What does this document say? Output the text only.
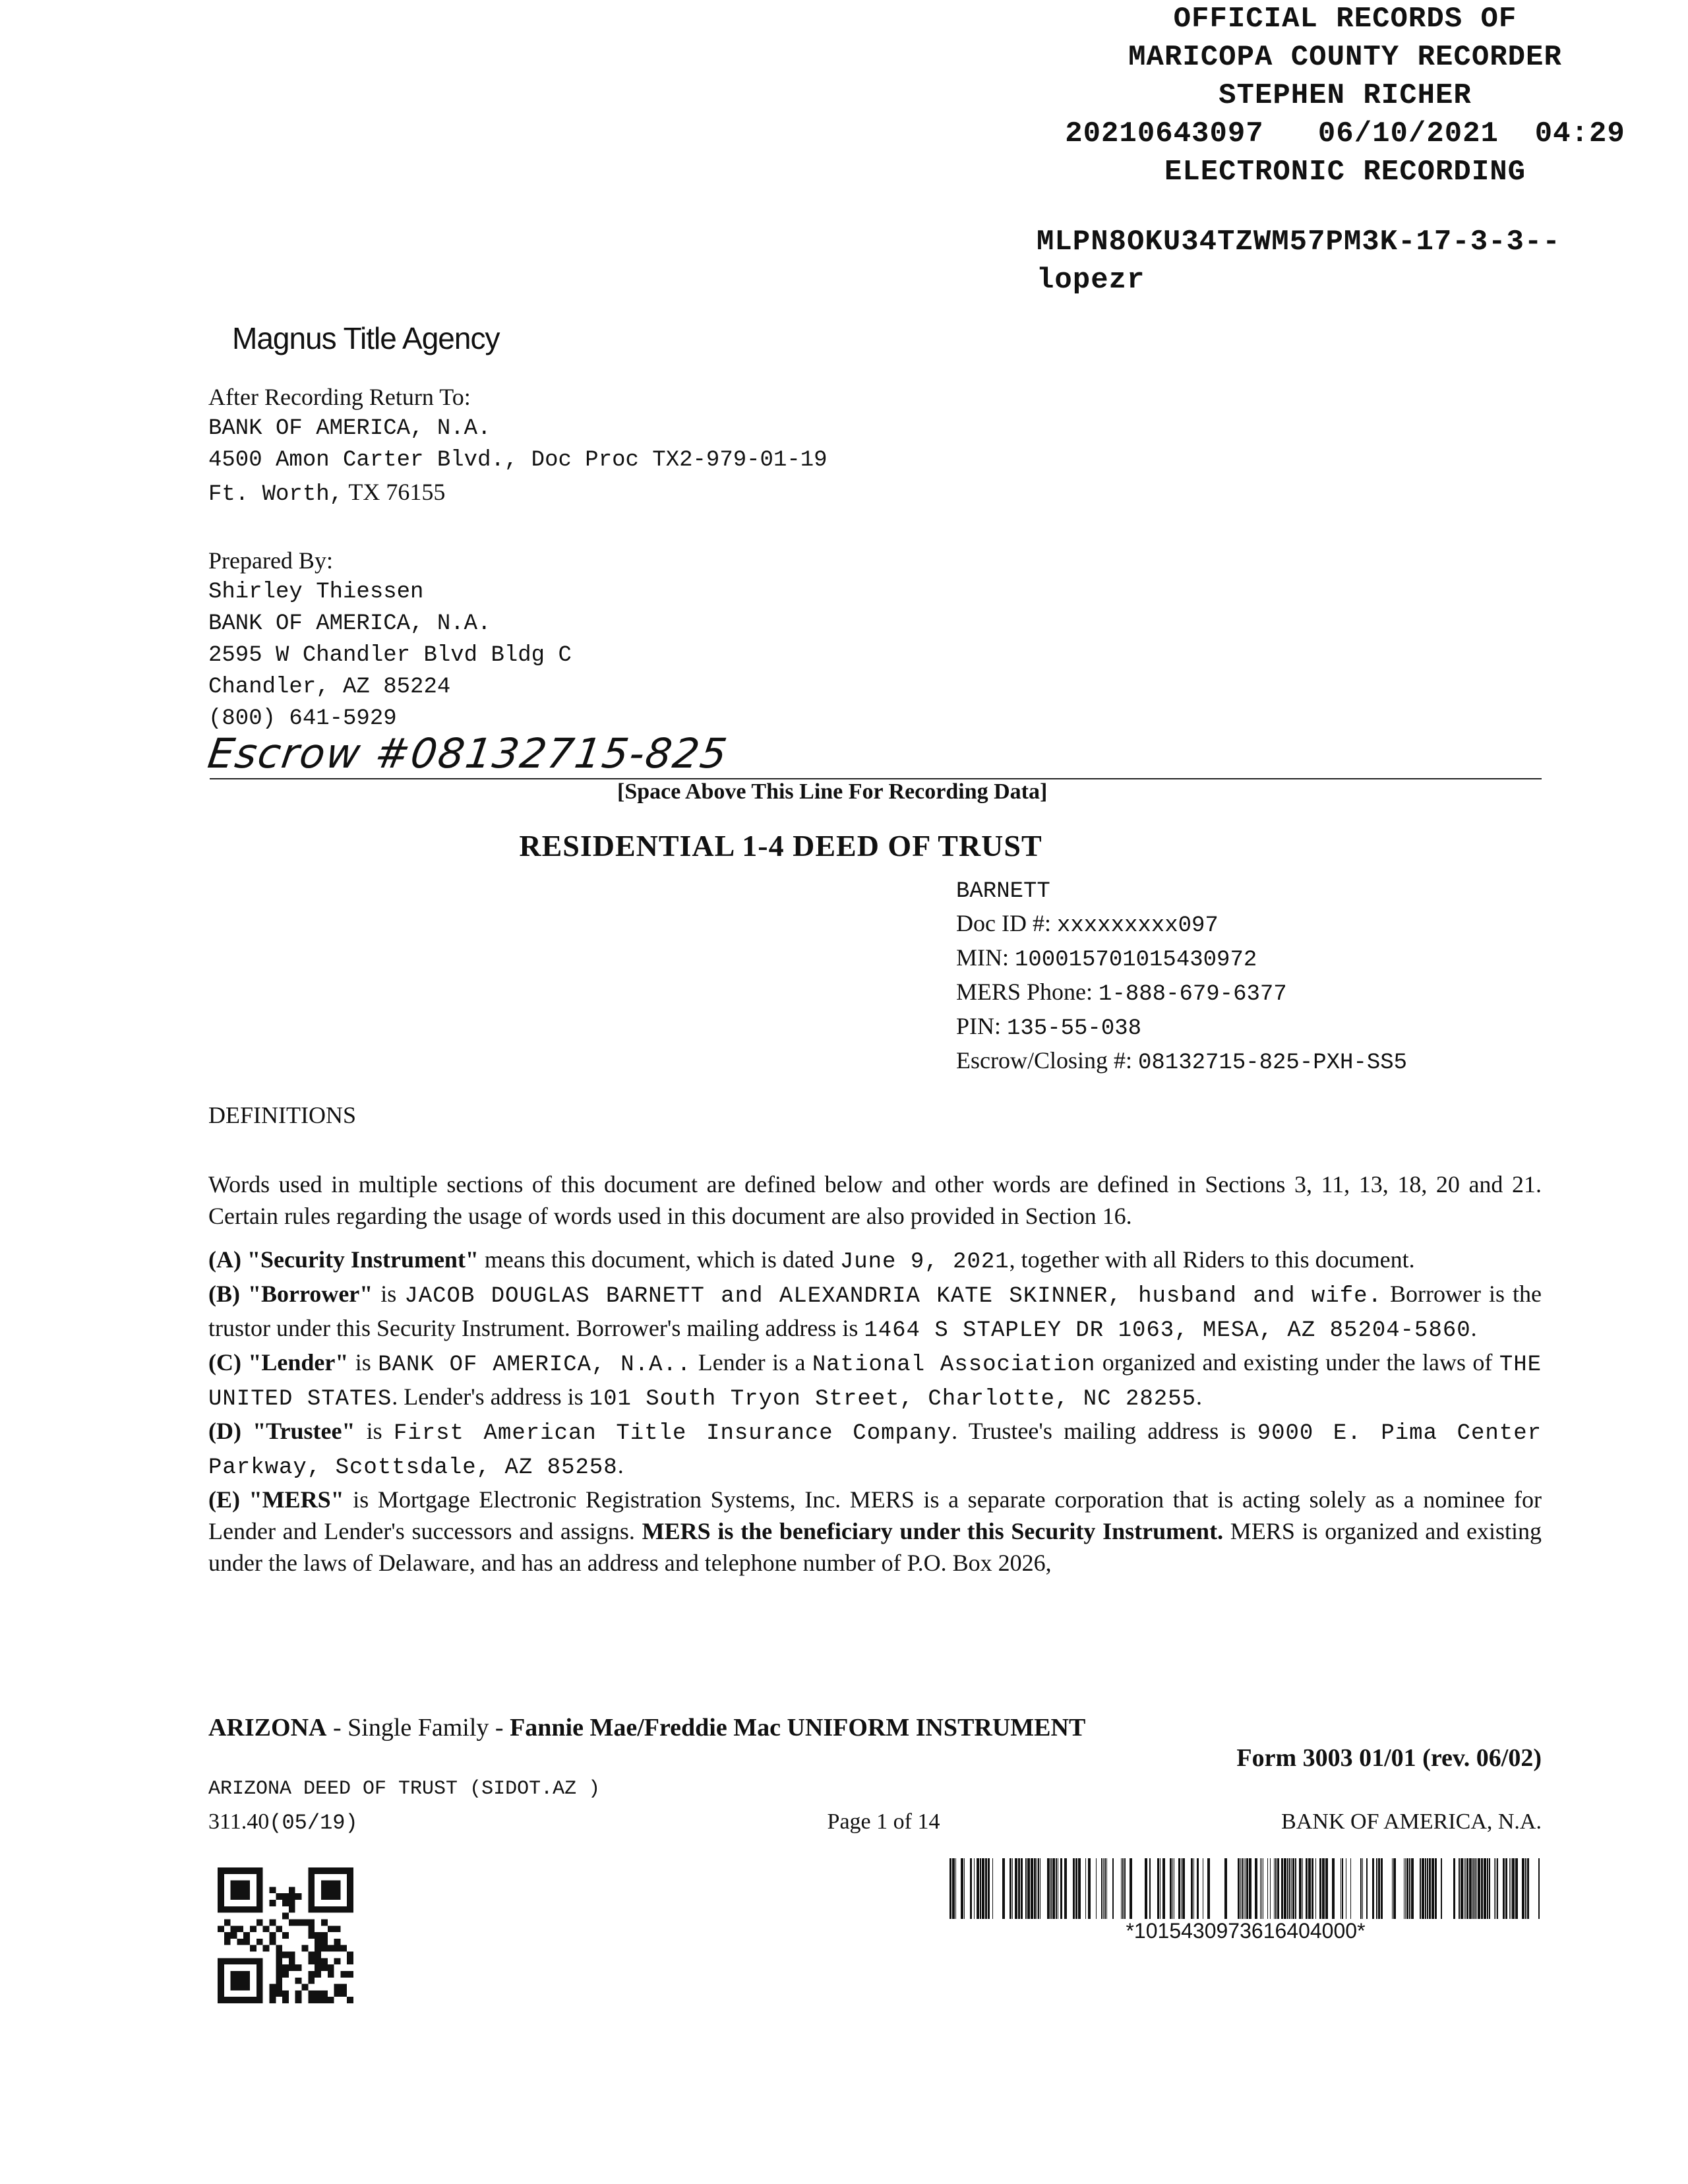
OFFICIAL RECORDS OF
MARICOPA COUNTY RECORDER
STEPHEN RICHER
20210643097 06/10/2021 04:29
ELECTRONIC RECORDING
MLPN8OKU34TZWM57PM3K-17-3-3--
lopezr
Magnus Title Agency
After Recording Return To:
BANK OF AMERICA, N.A.
4500 Amon Carter Blvd., Doc Proc TX2-979-01-19
Ft. Worth, TX 76155
Prepared By:
Shirley Thiessen
BANK OF AMERICA, N.A.
2595 W Chandler Blvd Bldg C
Chandler, AZ 85224
(800) 641-5929
Escrow #08132715-825
[Space Above This Line For Recording Data]
RESIDENTIAL 1-4 DEED OF TRUST
BARNETT
Doc ID #: xxxxxxxxx097
MIN: 100015701015430972
MERS Phone: 1-888-679-6377
PIN: 135-55-038
Escrow/Closing #: 08132715-825-PXH-SS5
DEFINITIONS

Words used in multiple sections of this document are defined below and other words are defined in Sections 3, 11, 13, 18, 20 and 21. Certain rules regarding the usage of words used in this document are also provided in Section 16.

(A) "Security Instrument" means this document, which is dated June 9, 2021, together with all Riders to this document.

(B) "Borrower" is JACOB DOUGLAS BARNETT and ALEXANDRIA KATE SKINNER, husband and wife. Borrower is the trustor under this Security Instrument. Borrower's mailing address is 1464 S STAPLEY DR 1063, MESA, AZ 85204-5860.

(C) "Lender" is BANK OF AMERICA, N.A.. Lender is a National Association organized and existing under the laws of THE UNITED STATES. Lender's address is 101 South Tryon Street, Charlotte, NC 28255.

(D) "Trustee" is First American Title Insurance Company. Trustee's mailing address is 9000 E. Pima Center Parkway, Scottsdale, AZ 85258.

(E) "MERS" is Mortgage Electronic Registration Systems, Inc. MERS is a separate corporation that is acting solely as a nominee for Lender and Lender's successors and assigns. MERS is the beneficiary under this Security Instrument. MERS is organized and existing under the laws of Delaware, and has an address and telephone number of P.O. Box 2026,

ARIZONA - Single Family - Fannie Mae/Freddie Mac UNIFORM INSTRUMENT
Form 3003 01/01 (rev. 06/02)
ARIZONA DEED OF TRUST (SIDOT.AZ )
311.40(05/19)	Page 1 of 14	BANK OF AMERICA, N.A.
*1015430973616404000*
